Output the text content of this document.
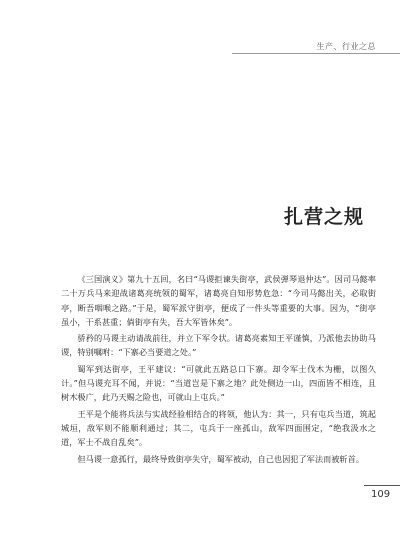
生产、行业之总
扎营之规

《三国演义》第九十五回，名曰“马谡拒谏失街亭，武侯弹琴退仲达”。因司马懿率二十万兵马来迎战诸葛亮统领的蜀军，诸葛亮自知形势危急：“今司马懿出关，必取街亭，断吾咽喉之路。”于是，蜀军派守街亭，便成了一件头等重要的大事。因为，“街亭虽小，干系甚重；倘街亭有失，吾大军皆休矣”。

骄矜的马谡主动请战前往，并立下军令状。诸葛亮素知王平谨慎，乃派他去协助马谡，特别嘱咐：“下寨必当要道之处。”

蜀军到达街亭，王平建议：“可就此五路总口下寨。却令军士伐木为栅，以图久计。”但马谡充耳不闻，并说：“当道岂是下寨之地？此处侧边一山，四面皆不相连，且树木极广，此乃天赐之险也，可就山上屯兵。”

王平是个能将兵法与实战经验相结合的将领，他认为：其一，只有屯兵当道，筑起城垣，敌军则不能顺利通过；其二，屯兵于一座孤山，敌军四面围定，“绝我汲水之道，军士不战自乱矣”。

但马谡一意孤行，最终导致街亭失守，蜀军被动，自己也因犯了军法而被斩首。

109
